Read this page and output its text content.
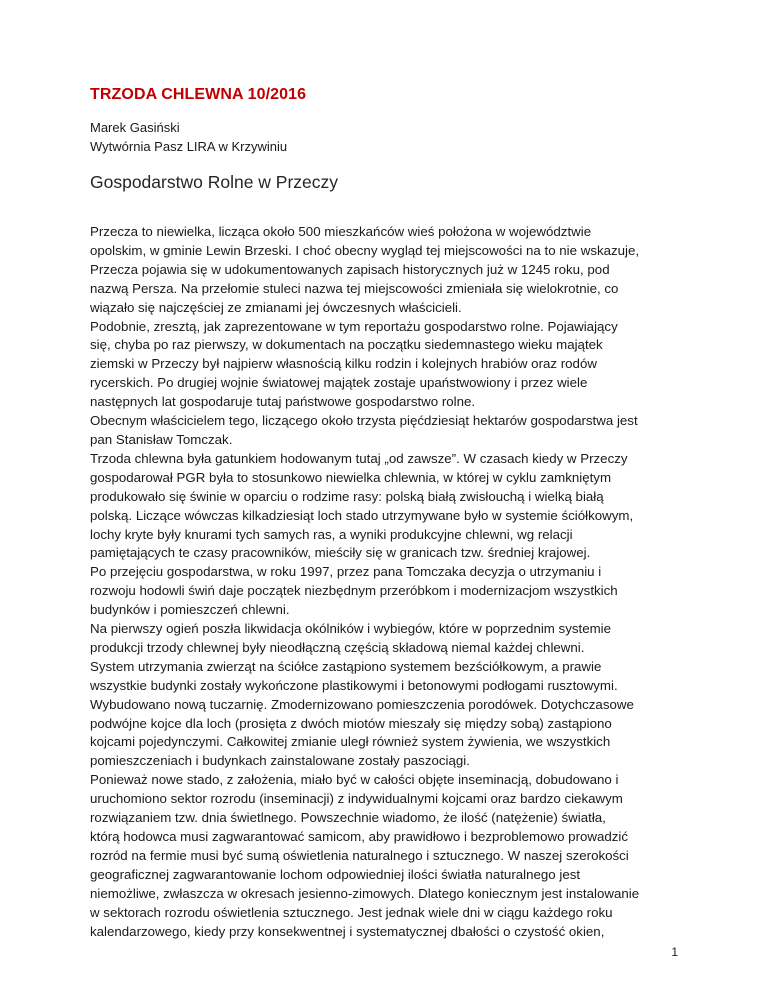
TRZODA CHLEWNA 10/2016
Marek Gasiński
Wytwórnia Pasz LIRA w Krzywiniu
Gospodarstwo Rolne w Przeczy
Przecza to niewielka, licząca około 500 mieszkańców wieś położona w województwie
opolskim, w gminie Lewin Brzeski. I choć obecny wygląd tej miejscowości na to nie wskazuje,
Przecza pojawia się w udokumentowanych zapisach historycznych już w 1245 roku, pod
nazwą Persza. Na przełomie stuleci nazwa tej miejscowości zmieniała się wielokrotnie, co
wiązało się najczęściej ze zmianami jej ówczesnych właścicieli.
Podobnie, zresztą, jak zaprezentowane w tym reportażu gospodarstwo rolne. Pojawiający
się, chyba po raz pierwszy, w dokumentach na początku siedemnastego wieku majątek
ziemski w Przeczy był najpierw własnością kilku rodzin i kolejnych hrabiów oraz rodów
rycerskich. Po drugiej wojnie światowej majątek zostaje upaństwowiony i przez wiele
następnych lat gospodaruje tutaj państwowe gospodarstwo rolne.
Obecnym właścicielem tego, liczącego około trzysta pięćdziesiąt hektarów gospodarstwa jest
pan Stanisław Tomczak.
Trzoda chlewna była gatunkiem hodowanym tutaj „od zawsze”. W czasach kiedy w Przeczy
gospodarował PGR była to stosunkowo niewielka chlewnia, w której w cyklu zamkniętym
produkowało się świnie w oparciu o rodzime rasy: polską białą zwisłouchą i wielką białą
polską. Liczące wówczas kilkadziesiąt loch stado utrzymywane było w systemie ściółkowym,
lochy kryte były knurami tych samych ras, a wyniki produkcyjne chlewni, wg relacji
pamiętających te czasy pracowników, mieściły się w granicach tzw. średniej krajowej.
Po przejęciu gospodarstwa, w roku 1997, przez pana Tomczaka decyzja o utrzymaniu i
rozwoju hodowli świń daje początek niezbędnym przeróbkom i modernizacjom wszystkich
budynków i pomieszczeń chlewni.
Na pierwszy ogień poszła likwidacja okólników i wybiegów, które w poprzednim systemie
produkcji trzody chlewnej były nieodłączną częścią składową niemal każdej chlewni.
System utrzymania zwierząt na ściółce zastąpiono systemem bezściółkowym, a prawie
wszystkie budynki zostały wykończone plastikowymi i betonowymi podłogami rusztowymi.
Wybudowano nową tuczarnię. Zmodernizowano pomieszczenia porodówek. Dotychczasowe
podwójne kojce dla loch (prosięta z dwóch miotów mieszały się między sobą) zastąpiono
kojcami pojedynczymi. Całkowitej zmianie uległ również system żywienia, we wszystkich
pomieszczeniach i budynkach zainstalowane zostały paszociągi.
Ponieważ nowe stado, z założenia, miało być w całości objęte inseminacją, dobudowano i
uruchomiono sektor rozrodu (inseminacji) z indywidualnymi kojcami oraz bardzo ciekawym
rozwiązaniem tzw. dnia świetlnego. Powszechnie wiadomo, że ilość (natężenie) światła,
którą hodowca musi zagwarantować samicom, aby prawidłowo i bezproblemowo prowadzić
rozród na fermie musi być sumą oświetlenia naturalnego i sztucznego. W naszej szerokości
geograficznej zagwarantowanie lochom odpowiedniej ilości światła naturalnego jest
niemożliwe, zwłaszcza w okresach jesienno-zimowych. Dlatego koniecznym jest instalowanie
w sektorach rozrodu oświetlenia sztucznego. Jest jednak wiele dni w ciągu każdego roku
kalendarzowego, kiedy przy konsekwentnej i systematycznej dbałości o czystość okien,
1
